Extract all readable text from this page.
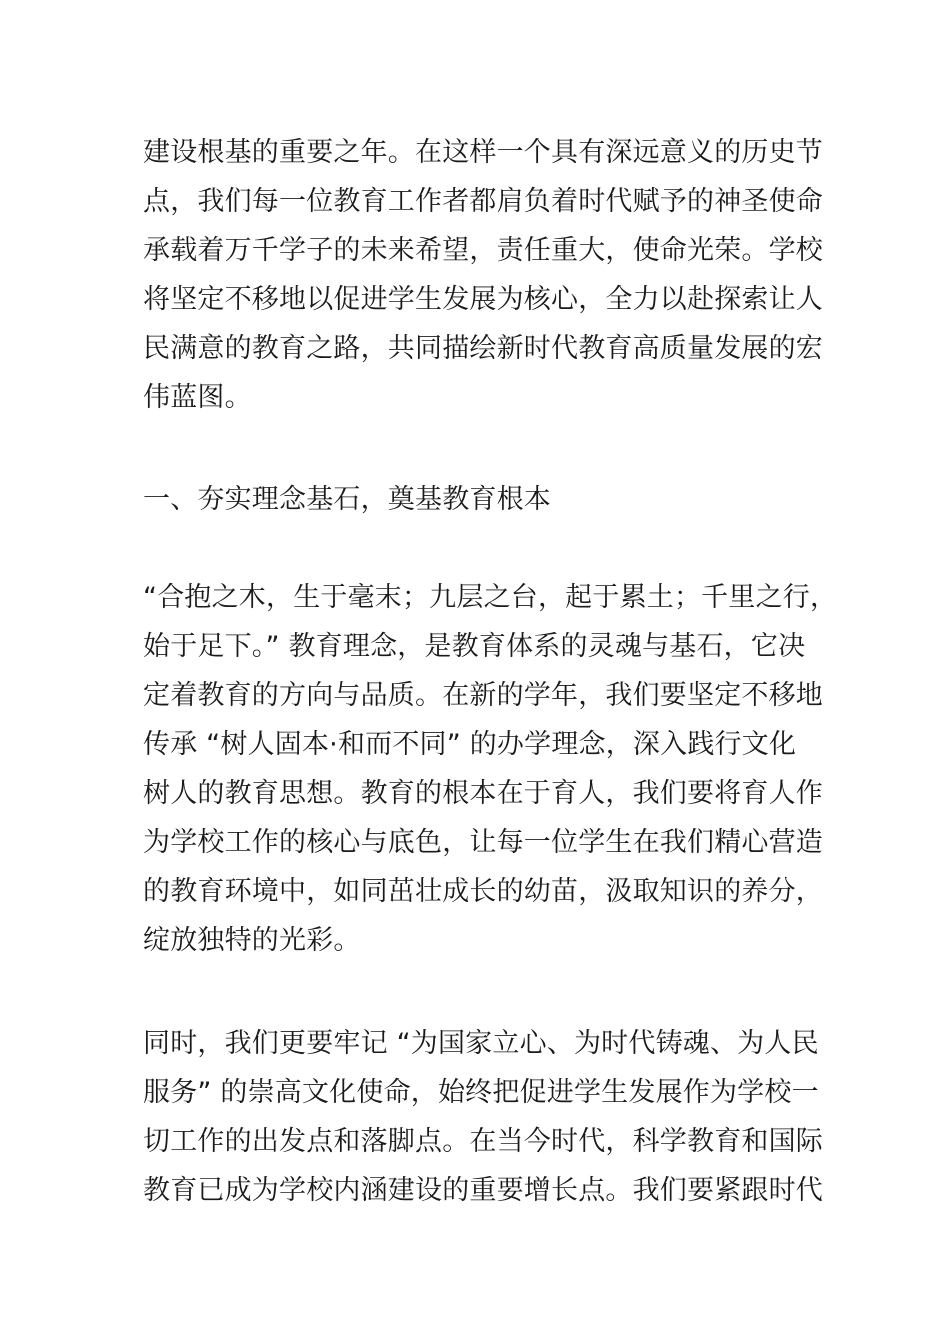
建设根基的重要之年。在这样一个具有深远意义的历史节
点，我们每一位教育工作者都肩负着时代赋予的神圣使命
承载着万千学子的未来希望，责任重大，使命光荣。学校
将坚定不移地以促进学生发展为核心，全力以赴探索让人
民满意的教育之路，共同描绘新时代教育高质量发展的宏
伟蓝图。
一、夯实理念基石，奠基教育根本
“合抱之木，生于毫末；九层之台，起于累土；千里之行，
始于足下。” 教育理念，是教育体系的灵魂与基石，它决
定着教育的方向与品质。在新的学年，我们要坚定不移地
传承 “树人固本·和而不同” 的办学理念，深入践行文化
树人的教育思想。教育的根本在于育人，我们要将育人作
为学校工作的核心与底色，让每一位学生在我们精心营造
的教育环境中，如同茁壮成长的幼苗，汲取知识的养分，
绽放独特的光彩。
同时，我们更要牢记 “为国家立心、为时代铸魂、为人民
服务” 的崇高文化使命，始终把促进学生发展作为学校一
切工作的出发点和落脚点。在当今时代，科学教育和国际
教育已成为学校内涵建设的重要增长点。我们要紧跟时代
